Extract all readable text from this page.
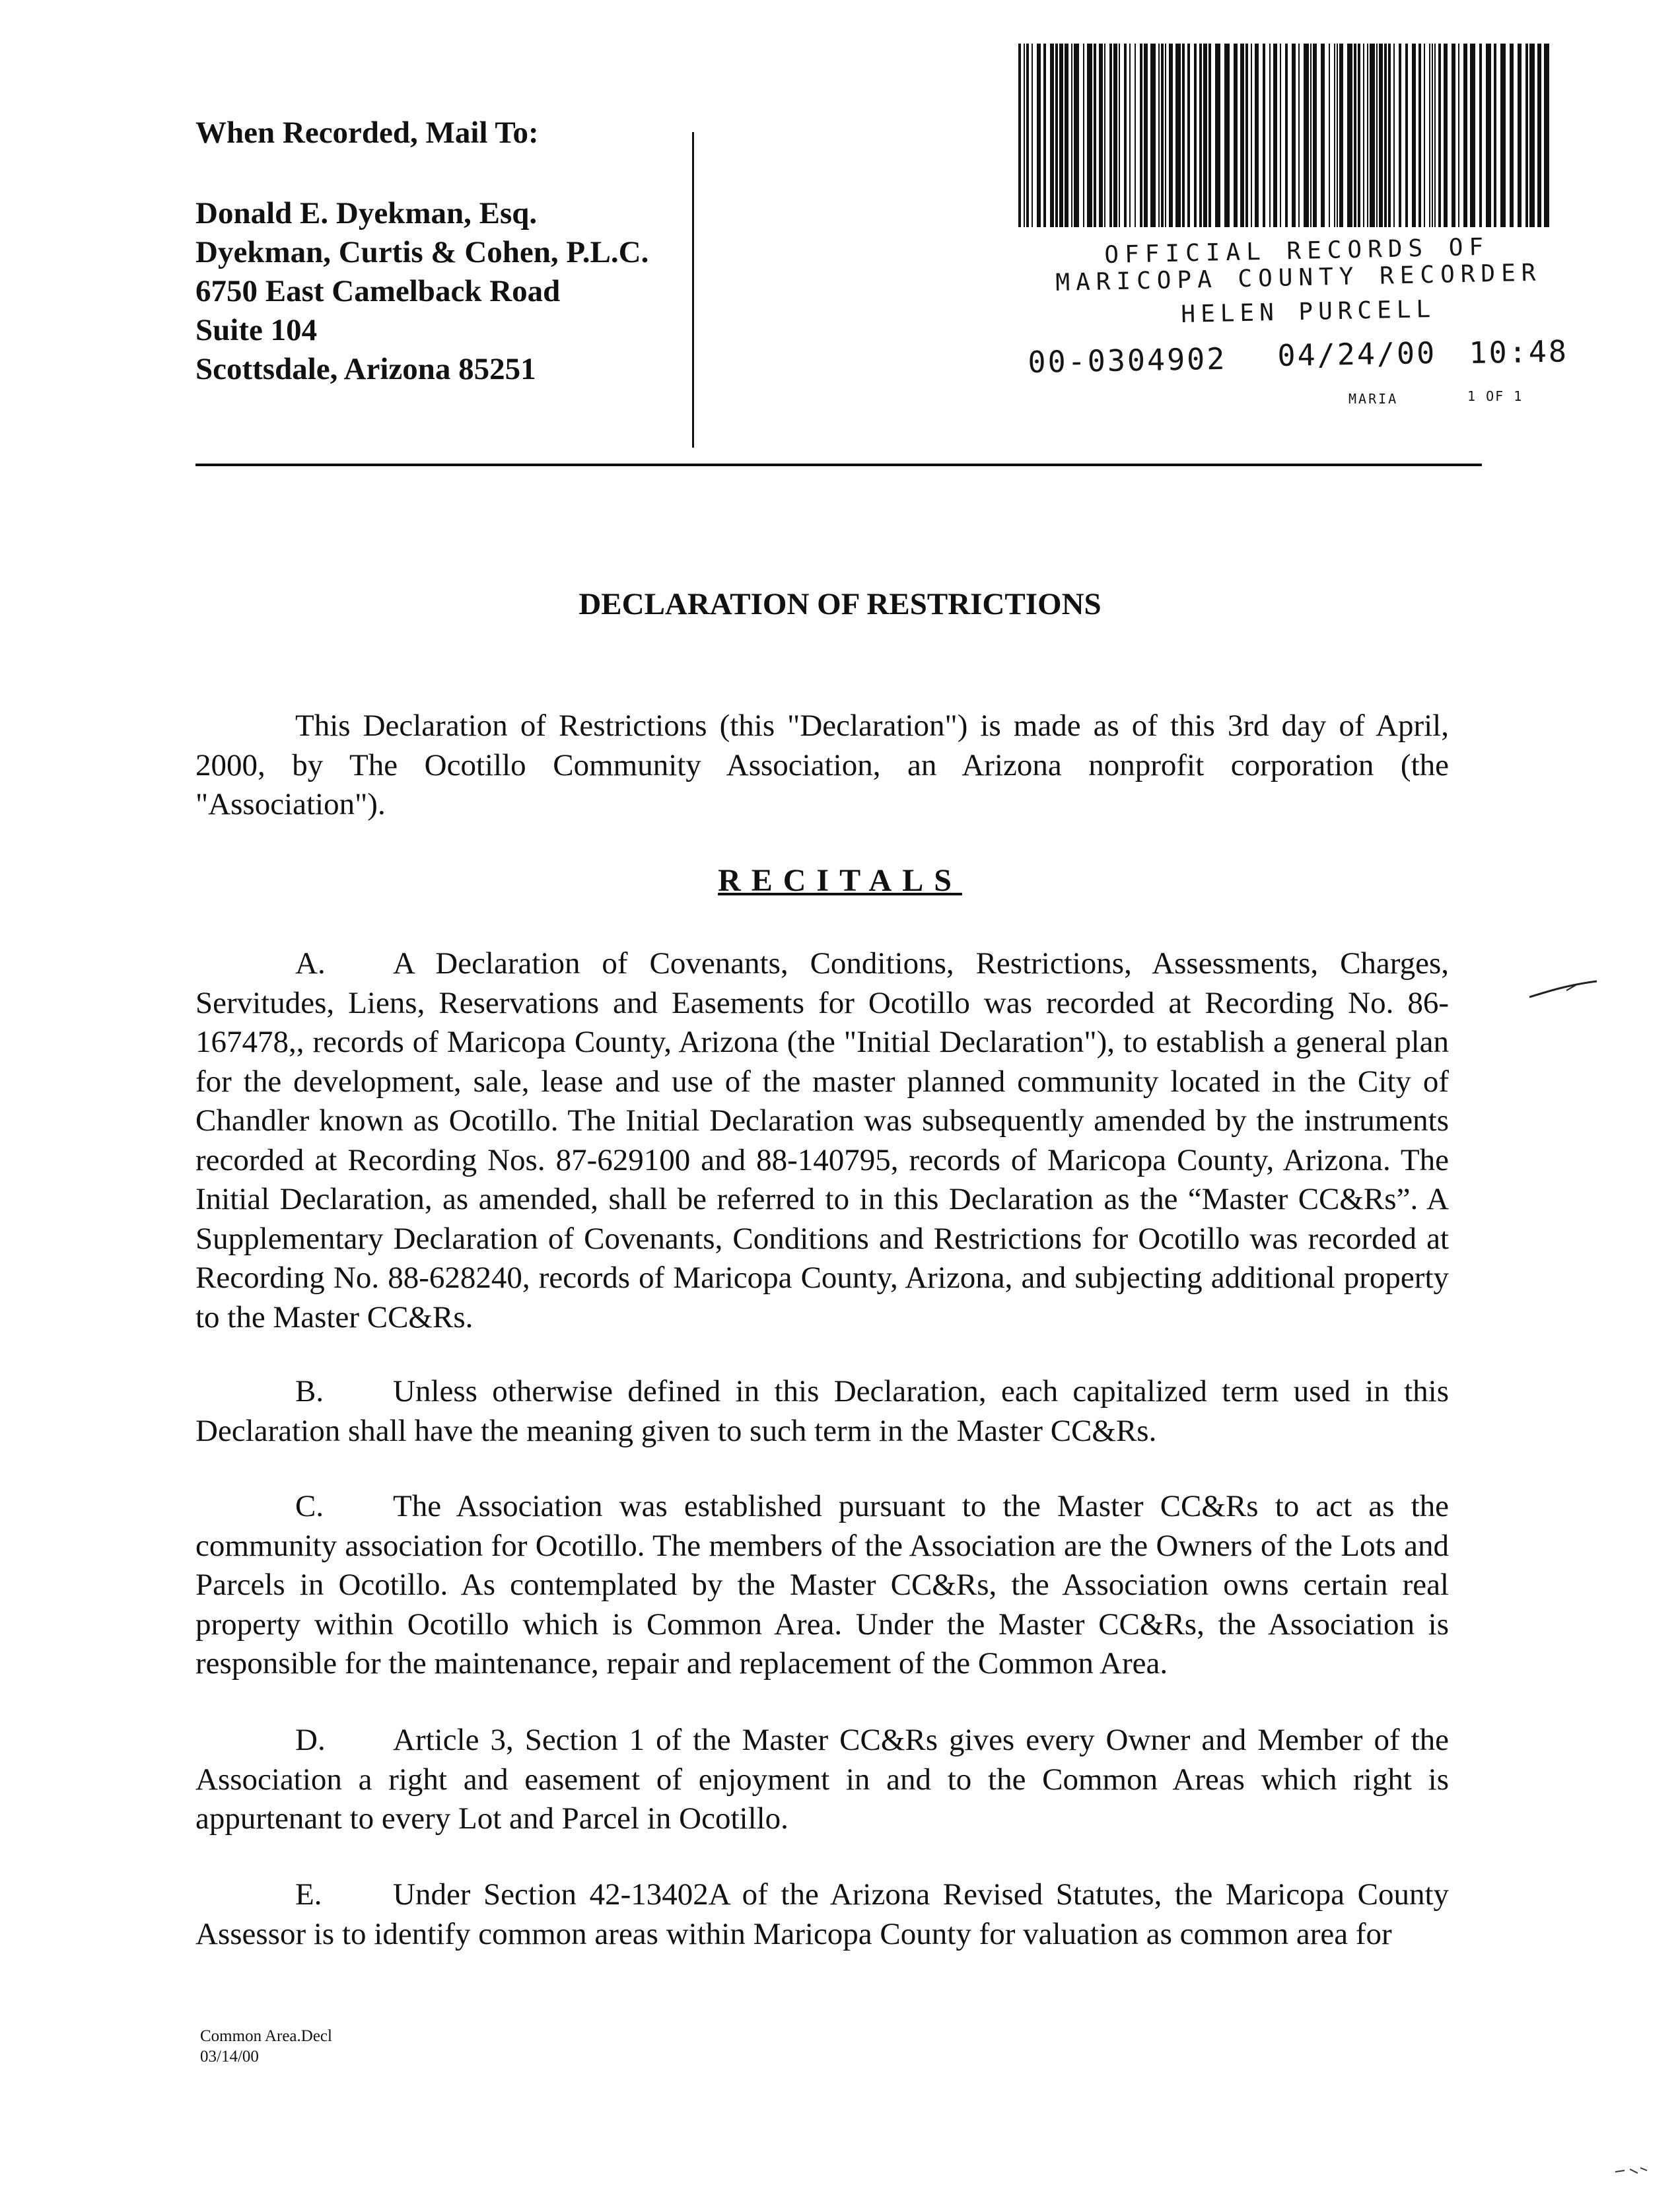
When Recorded, Mail To:
Donald E. Dyekman, Esq.
Dyekman, Curtis & Cohen, P.L.C.
6750 East Camelback Road
Suite 104
Scottsdale, Arizona 85251
OFFICIAL RECORDS OF
MARICOPA COUNTY RECORDER
HELEN PURCELL
00-0304902 04/24/00 10:48
MARIA	1 OF 1
DECLARATION OF RESTRICTIONS
This Declaration of Restrictions (this "Declaration") is made as of this 3rd day of April, 2000, by The Ocotillo Community Association, an Arizona nonprofit corporation (the "Association").
RECITALS
A. A Declaration of Covenants, Conditions, Restrictions, Assessments, Charges, Servitudes, Liens, Reservations and Easements for Ocotillo was recorded at Recording No. 86-167478,, records of Maricopa County, Arizona (the "Initial Declaration"), to establish a general plan for the development, sale, lease and use of the master planned community located in the City of Chandler known as Ocotillo. The Initial Declaration was subsequently amended by the instruments recorded at Recording Nos. 87-629100 and 88-140795, records of Maricopa County, Arizona. The Initial Declaration, as amended, shall be referred to in this Declaration as the “Master CC&Rs”. A Supplementary Declaration of Covenants, Conditions and Restrictions for Ocotillo was recorded at Recording No. 88-628240, records of Maricopa County, Arizona, and subjecting additional property to the Master CC&Rs.
B. Unless otherwise defined in this Declaration, each capitalized term used in this Declaration shall have the meaning given to such term in the Master CC&Rs.
C. The Association was established pursuant to the Master CC&Rs to act as the community association for Ocotillo. The members of the Association are the Owners of the Lots and Parcels in Ocotillo. As contemplated by the Master CC&Rs, the Association owns certain real property within Ocotillo which is Common Area. Under the Master CC&Rs, the Association is responsible for the maintenance, repair and replacement of the Common Area.
D. Article 3, Section 1 of the Master CC&Rs gives every Owner and Member of the Association a right and easement of enjoyment in and to the Common Areas which right is appurtenant to every Lot and Parcel in Ocotillo.
E. Under Section 42-13402A of the Arizona Revised Statutes, the Maricopa County Assessor is to identify common areas within Maricopa County for valuation as common area for
Common Area.Decl
03/14/00
